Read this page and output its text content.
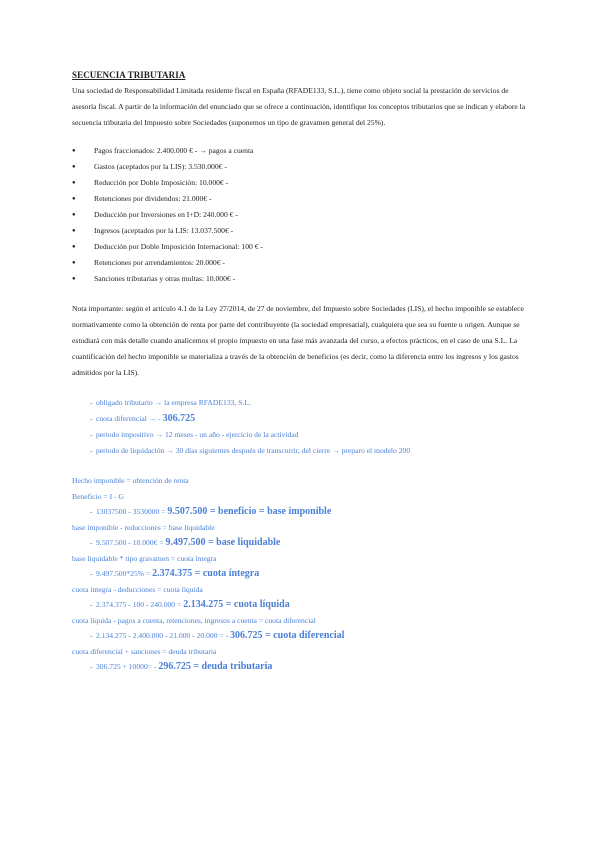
SECUENCIA TRIBUTARIA

Una sociedad de Responsabilidad Limitada residente fiscal en España (RFADE133, S.L.), tiene como objeto social la prestación de servicios de asesoría fiscal. A partir de la información del enunciado que se ofrece a continuación, identifique los conceptos tributarios que se indican y elabore la secuencia tributaria del Impuesto sobre Sociedades (suponemos un tipo de gravamen general del 25%).

● Pagos fraccionados: 2.400.000 € - → pagos a cuenta
● Gastos (aceptados por la LIS): 3.530.000€ -
● Reducción por Doble Imposición: 10.000€ -
● Retenciones por dividendos: 21.000€ -
● Deducción por Inversiones en I+D: 240.000 € -
● Ingresos (aceptados por la LIS: 13.037.500€ -
● Deducción por Doble Imposición Internacional: 100 € -
● Retenciones por arrendamientos: 20.000€ -
● Sanciones tributarias y otras multas: 10.000€ -

Nota importante: según el artículo 4.1 de la Ley 27/2014, de 27 de noviembre, del Impuesto sobre Sociedades (LIS), el hecho imponible se establece normativamente como la obtención de renta por parte del contribuyente (la sociedad empresarial), cualquiera que sea su fuente u origen. Aunque se estudiará con más detalle cuando analicemos el propio impuesto en una fase más avanzada del curso, a efectos prácticos, en el caso de una S.L. La cuantificación del hecho imponible se materializa a través de la obtención de beneficios (es decir, como la diferencia entre los ingresos y los gastos admitidos por la LIS).

- obligado tributario → la empresa RFADE133, S.L.
- cuota diferencial → - 306.725
- periodo impositivo → 12 meses - un año - ejercicio de la actividad
- periodo de liquidación → 30 días siguientes después de transcurrir, del cierre → preparo el modelo 200
Hecho imponible = obtención de renta
Beneficio = I - G
- 13037500 - 3530000 = 9.507.500 = beneficio = base imponible
base imponible - reducciones = base liquidable
- 9.507.500 - 10.000€ = 9.497.500 = base liquidable
base liquidable * tipo gravamen = cuota íntegra
- 9.497.500*25% = 2.374.375 = cuota íntegra
cuota íntegra - deducciones = cuota líquida
- 2.374.375 - 100 - 240.000 = 2.134.275 = cuota líquida
cuota líquida - pagos a cuenta, retenciones, ingresos a cuenta = cuota diferencial
- 2.134.275 - 2.400.000 - 21.000 - 20.000 = - 306.725 = cuota diferencial
cuota diferencial + sanciones = deuda tributaria
- 306.725 + 10000= - 296.725 = deuda tributaria
